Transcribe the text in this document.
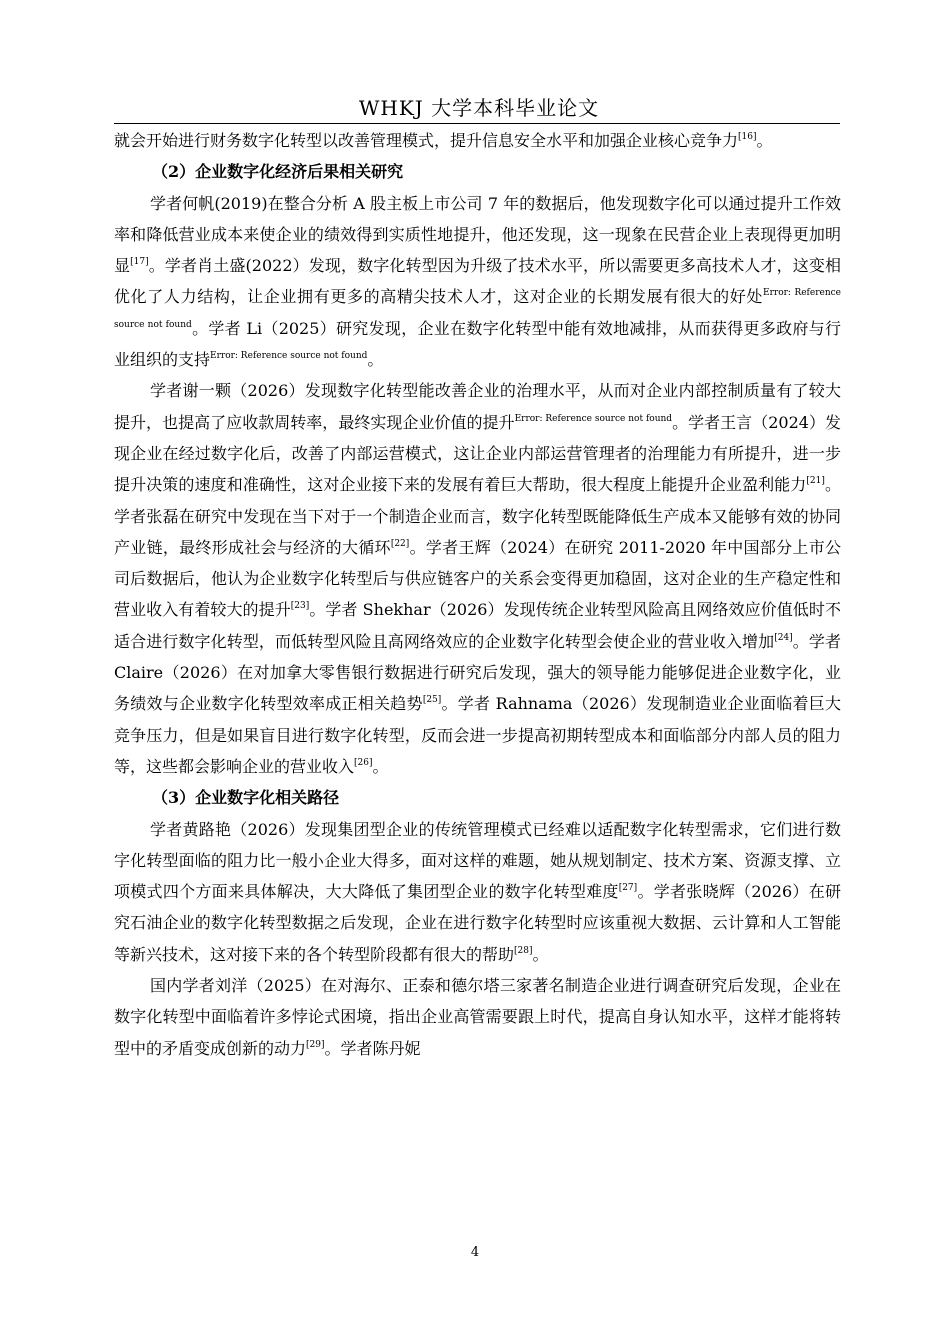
WHKJ 大学本科毕业论文

就会开始进行财务数字化转型以改善管理模式，提升信息安全水平和加强企业核心竞争力[16]。

（2）企业数字化经济后果相关研究

学者何帆(2019)在整合分析 A 股主板上市公司 7 年的数据后，他发现数字化可以通过提升工作效率和降低营业成本来使企业的绩效得到实质性地提升，他还发现，这一现象在民营企业上表现得更加明显[17]。学者肖土盛(2022）发现，数字化转型因为升级了技术水平，所以需要更多高技术人才，这变相优化了人力结构，让企业拥有更多的高精尖技术人才，这对企业的长期发展有很大的好处$^{Error: Reference source not found}$。学者 Li（2025）研究发现，企业在数字化转型中能有效地减排，从而获得更多政府与行业组织的支持$^{Error: Reference source not found}$。

学者谢一颗（2026）发现数字化转型能改善企业的治理水平，从而对企业内部控制质量有了较大提升，也提高了应收款周转率，最终实现企业价值的提升$^{Error: Reference source not found}$。学者王言（2024）发现企业在经过数字化后，改善了内部运营模式，这让企业内部运营管理者的治理能力有所提升，进一步提升决策的速度和准确性，这对企业接下来的发展有着巨大帮助，很大程度上能提升企业盈利能力[21]。学者张磊在研究中发现在当下对于一个制造企业而言，数字化转型既能降低生产成本又能够有效的协同产业链，最终形成社会与经济的大循环[22]。学者王辉（2024）在研究 2011-2020 年中国部分上市公司后数据后，他认为企业数字化转型后与供应链客户的关系会变得更加稳固，这对企业的生产稳定性和营业收入有着较大的提升[23]。学者 Shekhar（2026）发现传统企业转型风险高且网络效应价值低时不适合进行数字化转型，而低转型风险且高网络效应的企业数字化转型会使企业的营业收入增加[24]。学者 Claire（2026）在对加拿大零售银行数据进行研究后发现，强大的领导能力能够促进企业数字化，业务绩效与企业数字化转型效率成正相关趋势[25]。学者 Rahnama（2026）发现制造业企业面临着巨大竞争压力，但是如果盲目进行数字化转型，反而会进一步提高初期转型成本和面临部分内部人员的阻力等，这些都会影响企业的营业收入[26]。

（3）企业数字化相关路径

学者黄路艳（2026）发现集团型企业的传统管理模式已经难以适配数字化转型需求，它们进行数字化转型面临的阻力比一般小企业大得多，面对这样的难题，她从规划制定、技术方案、资源支撑、立项模式四个方面来具体解决，大大降低了集团型企业的数字化转型难度[27]。学者张晓辉（2026）在研究石油企业的数字化转型数据之后发现，企业在进行数字化转型时应该重视大数据、云计算和人工智能等新兴技术，这对接下来的各个转型阶段都有很大的帮助[28]。

国内学者刘洋（2025）在对海尔、正泰和德尔塔三家著名制造企业进行调查研究后发现，企业在数字化转型中面临着许多悖论式困境，指出企业高管需要跟上时代，提高自身认知水平，这样才能将转型中的矛盾变成创新的动力[29]。学者陈丹妮

4
